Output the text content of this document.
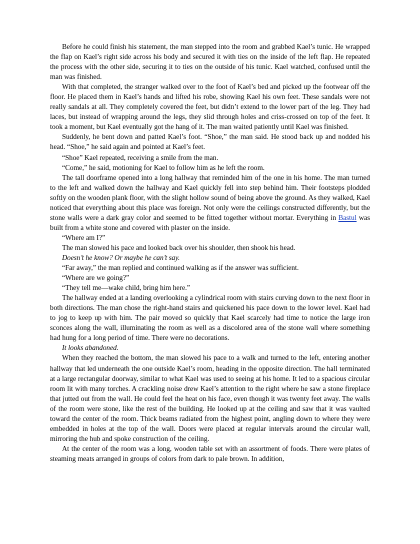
Before he could finish his statement, the man stepped into the room and grabbed Kael’s tunic. He wrapped the flap on Kael’s right side across his body and secured it with ties on the inside of the left flap. He repeated the process with the other side, securing it to ties on the outside of his tunic. Kael watched, confused until the man was finished.

With that completed, the stranger walked over to the foot of Kael’s bed and picked up the footwear off the floor. He placed them in Kael’s hands and lifted his robe, showing Kael his own feet. These sandals were not really sandals at all. They completely covered the feet, but didn’t extend to the lower part of the leg. They had laces, but instead of wrapping around the legs, they slid through holes and criss-crossed on top of the feet. It took a moment, but Kael eventually got the hang of it. The man waited patiently until Kael was finished.

Suddenly, he bent down and patted Kael’s foot. “Shoe,” the man said. He stood back up and nodded his head. “Shoe,” he said again and pointed at Kael’s feet.

“Shoe” Kael repeated, receiving a smile from the man.

“Come,” he said, motioning for Kael to follow him as he left the room.

The tall doorframe opened into a long hallway that reminded him of the one in his home. The man turned to the left and walked down the hallway and Kael quickly fell into step behind him. Their footsteps plodded softly on the wooden plank floor, with the slight hollow sound of being above the ground. As they walked, Kael noticed that everything about this place was foreign. Not only were the ceilings constructed differently, but the stone walls were a dark gray color and seemed to be fitted together without mortar. Everything in Bastul was built from a white stone and covered with plaster on the inside.

“Where am I?”

The man slowed his pace and looked back over his shoulder, then shook his head.

Doesn’t he know? Or maybe he can’t say.

“Far away,” the man replied and continued walking as if the answer was sufficient.

“Where are we going?”

“They tell me—wake child, bring him here.”

The hallway ended at a landing overlooking a cylindrical room with stairs curving down to the next floor in both directions. The man chose the right-hand stairs and quickened his pace down to the lower level. Kael had to jog to keep up with him. The pair moved so quickly that Kael scarcely had time to notice the large iron sconces along the wall, illuminating the room as well as a discolored area of the stone wall where something had hung for a long period of time. There were no decorations.

It looks abandoned.

When they reached the bottom, the man slowed his pace to a walk and turned to the left, entering another hallway that led underneath the one outside Kael’s room, heading in the opposite direction. The hall terminated at a large rectangular doorway, similar to what Kael was used to seeing at his home. It led to a spacious circular room lit with many torches. A crackling noise drew Kael’s attention to the right where he saw a stone fireplace that jutted out from the wall. He could feel the heat on his face, even though it was twenty feet away. The walls of the room were stone, like the rest of the building. He looked up at the ceiling and saw that it was vaulted toward the center of the room. Thick beams radiated from the highest point, angling down to where they were embedded in holes at the top of the wall. Doors were placed at regular intervals around the circular wall, mirroring the hub and spoke construction of the ceiling.

At the center of the room was a long, wooden table set with an assortment of foods. There were plates of steaming meats arranged in groups of colors from dark to pale brown. In addition,
